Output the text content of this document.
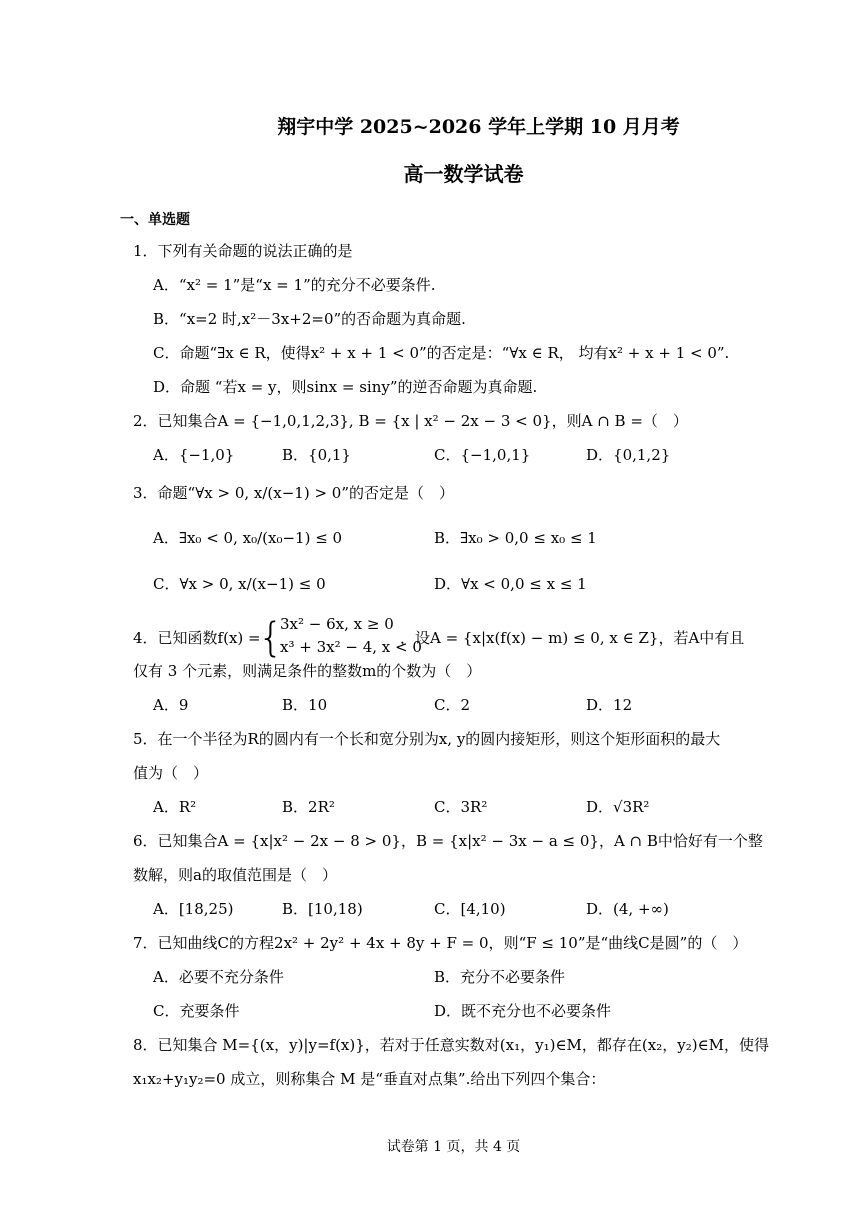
翔宇中学 2025~2026 学年上学期 10 月月考
高一数学试卷
一、单选题
1．下列有关命题的说法正确的是
A．“x² = 1”是“x = 1”的充分不必要条件.
B．“x=2 时,x²－3x+2=0”的否命题为真命题.
C．命题“∃x ∈ R，使得x² + x + 1 < 0”的否定是：“∀x ∈ R， 均有x² + x + 1 < 0”.
D．命题 “若x = y，则sinx = siny”的逆否命题为真命题.
2．已知集合A = {−1,0,1,2,3}, B = {x | x² − 2x − 3 < 0}，则A ∩ B =（　）
A．{−1,0}	B．{0,1}	C．{−1,0,1}	D．{0,1,2}
3．命题“∀x > 0, x/(x−1) > 0”的否定是（　）
A．∃x₀ < 0, x₀/(x₀−1) ≤ 0	B．∃x₀ > 0,0 ≤ x₀ ≤ 1
C．∀x > 0, x/(x−1) ≤ 0	D．∀x < 0,0 ≤ x ≤ 1
4．已知函数f(x) =
{
3x² − 6x, x ≥ 0
x³ + 3x² − 4, x < 0
，设A = {x|x(f(x) − m) ≤ 0, x ∈ Z}，若A中有且
仅有 3 个元素，则满足条件的整数m的个数为（　）
A．9	B．10	C．2	D．12
5．在一个半径为R的圆内有一个长和宽分别为x, y的圆内接矩形，则这个矩形面积的最大
值为（　）
A．R²	B．2R²	C．3R²	D．√3R²
6．已知集合A = {x|x² − 2x − 8 > 0}，B = {x|x² − 3x − a ≤ 0}，A ∩ B中恰好有一个整
数解，则a的取值范围是（　）
A．[18,25)	B．[10,18)	C．[4,10)	D．(4, +∞)
7．已知曲线C的方程2x² + 2y² + 4x + 8y + F = 0，则“F ≤ 10”是“曲线C是圆”的（　）
A．必要不充分条件	B．充分不必要条件
C．充要条件	D．既不充分也不必要条件
8．已知集合 M={(x，y)|y=f(x)}，若对于任意实数对(x₁，y₁)∈M，都存在(x₂，y₂)∈M，使得
x₁x₂+y₁y₂=0 成立，则称集合 M 是“垂直对点集”.给出下列四个集合：
试卷第 1 页，共 4 页
